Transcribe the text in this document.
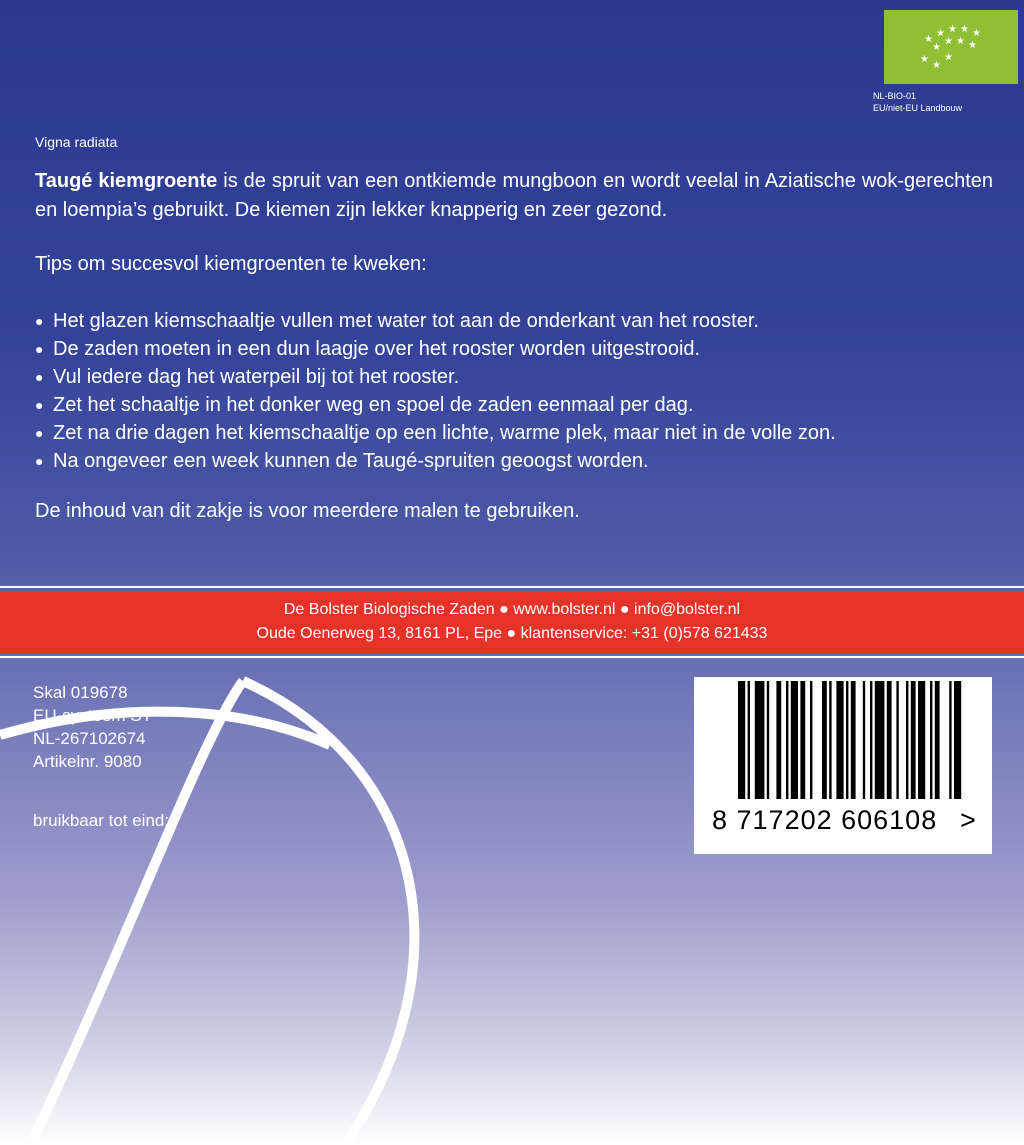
★
★ ★ ★ ★
★
★ ★ ★
★
★
★
NL-BIO-01
EU/niet-EU Landbouw
Vigna radiata

Taugé kiemgroente is de spruit van een ontkiemde mungboon en wordt veelal in Aziatische wok-gerechten en loempia’s gebruikt. De kiemen zijn lekker knapperig en zeer gezond.

Tips om succesvol kiemgroenten te kweken:

● Het glazen kiemschaaltje vullen met water tot aan de onderkant van het rooster.
● De zaden moeten in een dun laagje over het rooster worden uitgestrooid.
● Vul iedere dag het waterpeil bij tot het rooster.
● Zet het schaaltje in het donker weg en spoel de zaden eenmaal per dag.
● Zet na drie dagen het kiemschaaltje op een lichte, warme plek, maar niet in de volle zon.
● Na ongeveer een week kunnen de Taugé-spruiten geoogst worden.

De inhoud van dit zakje is voor meerdere malen te gebruiken.

De Bolster Biologische Zaden ● www.bolster.nl ● info@bolster.nl
Oude Oenerweg 13, 8161 PL, Epe ● klantenservice: +31 (0)578 621433
Skal 019678
EU-systeem ST
NL-267102674
Artikelnr. 9080
bruikbaar tot eind:	8 717202 606108 >
